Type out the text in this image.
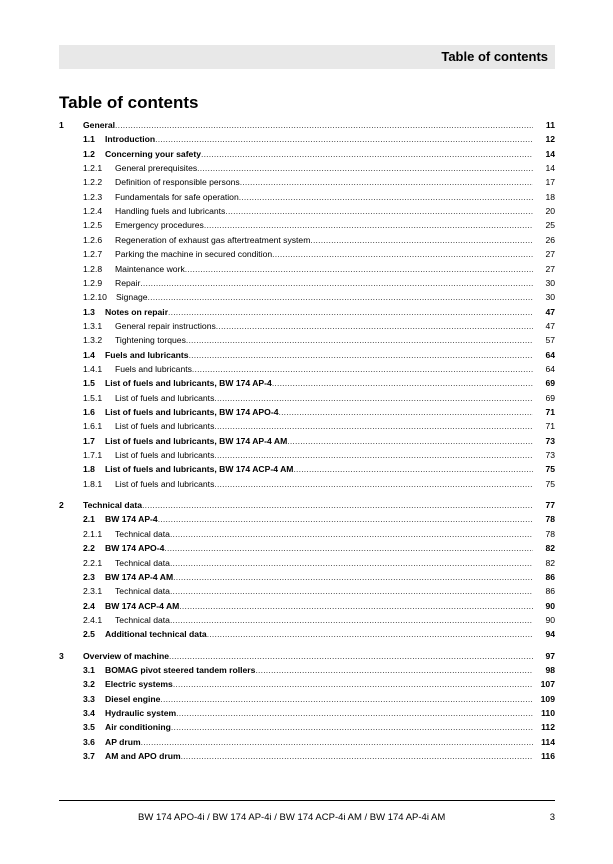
Table of contents
Table of contents
1	General .....	11
1.1	Introduction .....	12
1.2	Concerning your safety .....	14
1.2.1	General prerequisites .....	14
1.2.2	Definition of responsible persons .....	17
1.2.3	Fundamentals for safe operation .....	18
1.2.4	Handling fuels and lubricants .....	20
1.2.5	Emergency procedures .....	25
1.2.6	Regeneration of exhaust gas aftertreatment system .....	26
1.2.7	Parking the machine in secured condition .....	27
1.2.8	Maintenance work .....	27
1.2.9	Repair .....	30
1.2.10	Signage .....	30
1.3	Notes on repair .....	47
1.3.1	General repair instructions .....	47
1.3.2	Tightening torques .....	57
1.4	Fuels and lubricants .....	64
1.4.1	Fuels and lubricants .....	64
1.5	List of fuels and lubricants, BW 174 AP-4 .....	69
1.5.1	List of fuels and lubricants .....	69
1.6	List of fuels and lubricants, BW 174 APO-4 .....	71
1.6.1	List of fuels and lubricants .....	71
1.7	List of fuels and lubricants, BW 174 AP-4 AM .....	73
1.7.1	List of fuels and lubricants .....	73
1.8	List of fuels and lubricants, BW 174 ACP-4 AM .....	75
1.8.1	List of fuels and lubricants .....	75
2	Technical data .....	77
2.1	BW 174 AP-4 .....	78
2.1.1	Technical data .....	78
2.2	BW 174 APO-4 .....	82
2.2.1	Technical data .....	82
2.3	BW 174 AP-4 AM .....	86
2.3.1	Technical data .....	86
2.4	BW 174 ACP-4 AM .....	90
2.4.1	Technical data .....	90
2.5	Additional technical data .....	94
3	Overview of machine .....	97
3.1	BOMAG pivot steered tandem rollers .....	98
3.2	Electric systems .....	107
3.3	Diesel engine .....	109
3.4	Hydraulic system .....	110
3.5	Air conditioning .....	112
3.6	AP drum .....	114
3.7	AM and APO drum .....	116
BW 174 APO-4i / BW 174 AP-4i / BW 174 ACP-4i AM / BW 174 AP-4i AM	3
